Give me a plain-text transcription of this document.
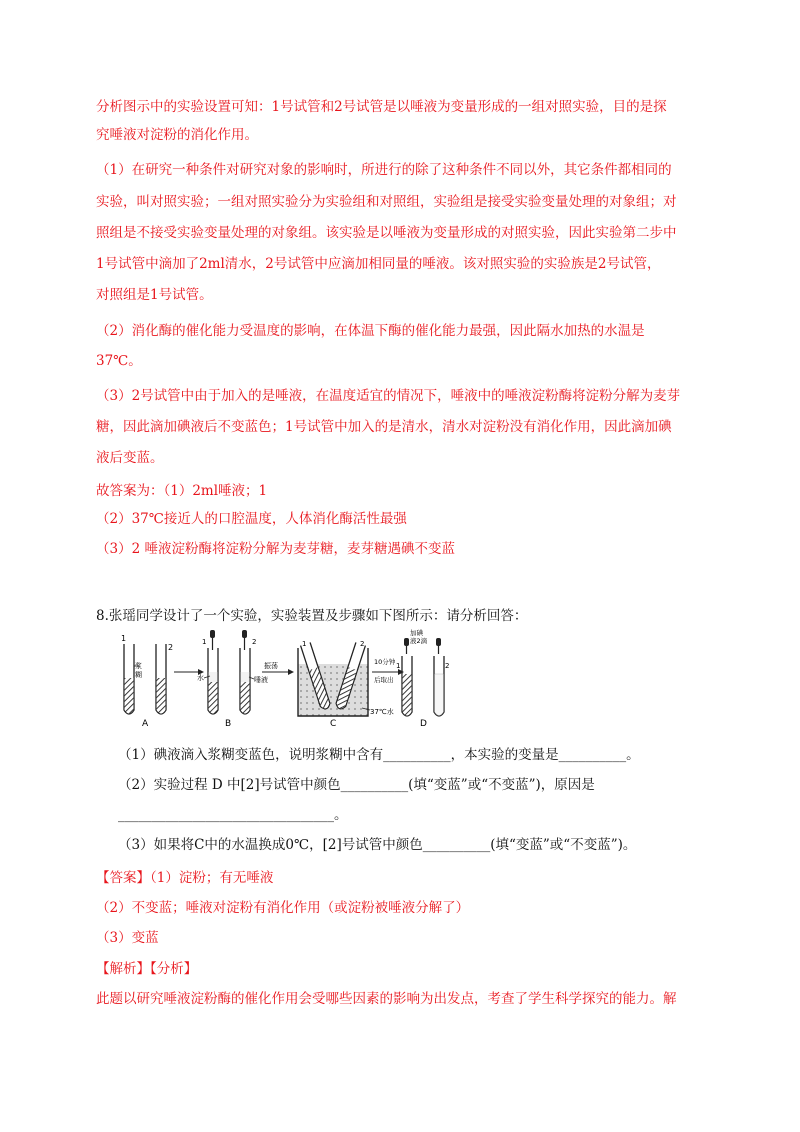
分析图示中的实验设置可知：1号试管和2号试管是以唾液为变量形成的一组对照实验，目的是探
究唾液对淀粉的消化作用。
（1）在研究一种条件对研究对象的影响时，所进行的除了这种条件不同以外，其它条件都相同的
实验，叫对照实验；一组对照实验分为实验组和对照组，实验组是接受实验变量处理的对象组；对
照组是不接受实验变量处理的对象组。该实验是以唾液为变量形成的对照实验，因此实验第二步中
1号试管中滴加了2ml清水，2号试管中应滴加相同量的唾液。该对照实验的实验族是2号试管，
对照组是1号试管。
（2）消化酶的催化能力受温度的影响，在体温下酶的催化能力最强，因此隔水加热的水温是
37℃。
（3）2号试管中由于加入的是唾液，在温度适宜的情况下，唾液中的唾液淀粉酶将淀粉分解为麦芽
糖，因此滴加碘液后不变蓝色；1号试管中加入的是清水，清水对淀粉没有消化作用，因此滴加碘
液后变蓝。
故答案为：（1）2ml唾液；1
（2）37℃接近人的口腔温度，人体消化酶活性最强
（3）2 唾液淀粉酶将淀粉分解为麦芽糖，麦芽糖遇碘不变蓝
8.张瑶同学设计了一个实验，实验装置及步骤如下图所示：请分析回答：
1
2
浆
糊
A
1	2
水	唾液
B
振荡
1	2
37℃水
C
10分钟
后取出
加碘
液2滴
1	2
D
（1）碘液滴入浆糊变蓝色，说明浆糊中含有__________，本实验的变量是__________。
（2）实验过程 D 中[2]号试管中颜色__________(填“变蓝”或“不变蓝”)，原因是
________________________________。
（3）如果将C中的水温换成0℃，[2]号试管中颜色__________(填“变蓝”或“不变蓝”)。
【答案】（1）淀粉；有无唾液
（2）不变蓝；唾液对淀粉有消化作用（或淀粉被唾液分解了）
（3）变蓝
【解析】【分析】
此题以研究唾液淀粉酶的催化作用会受哪些因素的影响为出发点，考查了学生科学探究的能力。解
